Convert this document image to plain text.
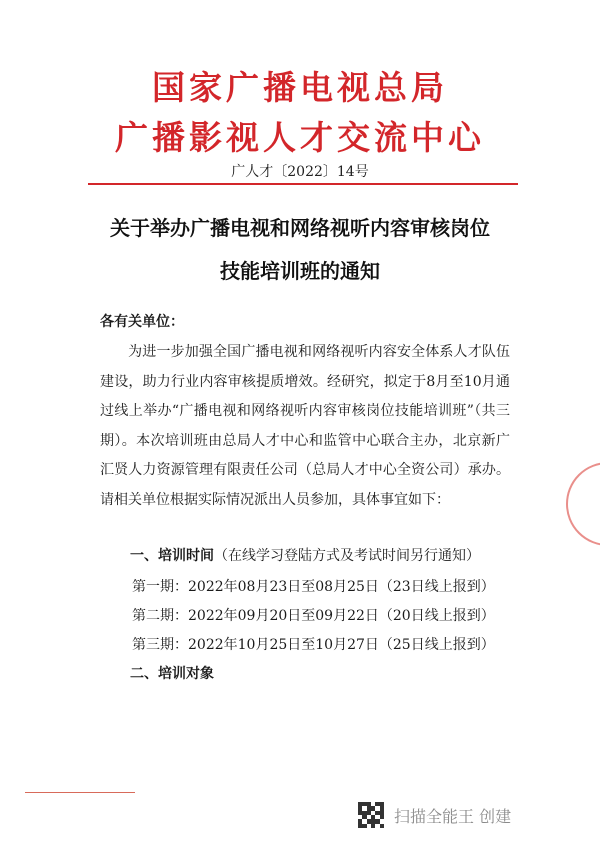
国家广播电视总局
广播影视人才交流中心
广人才〔2022〕14号
关于举办广播电视和网络视听内容审核岗位
技能培训班的通知
各有关单位：
为进一步加强全国广播电视和网络视听内容安全体系人才队伍建设，助力行业内容审核提质增效。经研究，拟定于8月至10月通过线上举办“广播电视和网络视听内容审核岗位技能培训班”（共三期）。本次培训班由总局人才中心和监管中心联合主办，北京新广汇贤人力资源管理有限责任公司（总局人才中心全资公司）承办。请相关单位根据实际情况派出人员参加，具体事宜如下：
一、培训时间（在线学习登陆方式及考试时间另行通知）
第一期：2022年08月23日至08月25日（23日线上报到）
第二期：2022年09月20日至09月22日（20日线上报到）
第三期：2022年10月25日至10月27日（25日线上报到）
二、培训对象
扫描全能王 创建
